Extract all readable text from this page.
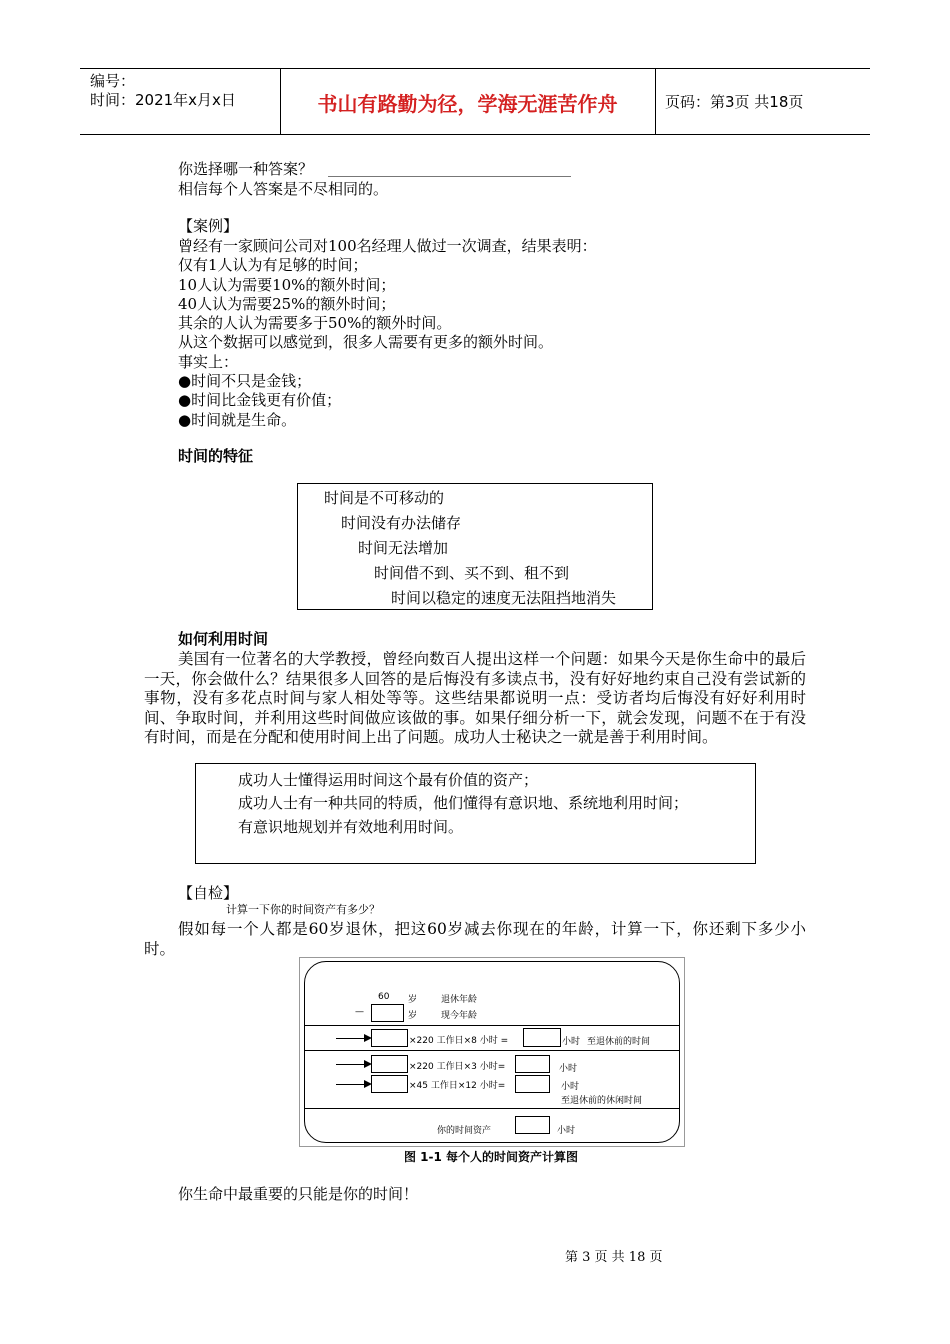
编号：
时间：2021年x月x日	书山有路勤为径，学海无涯苦作舟	页码：第3页 共18页
你选择哪一种答案？
相信每个人答案是不尽相同的。
【案例】
曾经有一家顾问公司对100名经理人做过一次调查，结果表明：
仅有1人认为有足够的时间；
10人认为需要10%的额外时间；
40人认为需要25%的额外时间；
其余的人认为需要多于50%的额外时间。
从这个数据可以感觉到，很多人需要有更多的额外时间。
事实上：
●时间不只是金钱；
●时间比金钱更有价值；
●时间就是生命。
时间的特征
时间是不可移动的
时间没有办法储存
时间无法增加
时间借不到、买不到、租不到
时间以稳定的速度无法阻挡地消失
如何利用时间
美国有一位著名的大学教授，曾经向数百人提出这样一个问题：如果今天是你生命中的最后一天，你会做什么？结果很多人回答的是后悔没有多读点书，没有好好地约束自己没有尝试新的事物，没有多花点时间与家人相处等等。这些结果都说明一点：受访者均后悔没有好好利用时间、争取时间，并利用这些时间做应该做的事。如果仔细分析一下，就会发现，问题不在于有没有时间，而是在分配和使用时间上出了问题。成功人士秘诀之一就是善于利用时间。
成功人士懂得运用时间这个最有价值的资产；
成功人士有一种共同的特质，他们懂得有意识地、系统地利用时间；
有意识地规划并有效地利用时间。
【自检】
计算一下你的时间资产有多少？
假如每一个人都是60岁退休，把这60岁减去你现在的年龄，计算一下，你还剩下多少小时。
60 岁	退休年龄
—	岁	现今年龄
×220 工作日×8 小时 =	小时 至退休前的时间
×220 工作日×3 小时=	小时
×45 工作日×12 小时=	小时
至退休前的休闲时间
你的时间资产	小时
图 1-1 每个人的时间资产计算图
你生命中最重要的只能是你的时间！
第 3 页 共 18 页
